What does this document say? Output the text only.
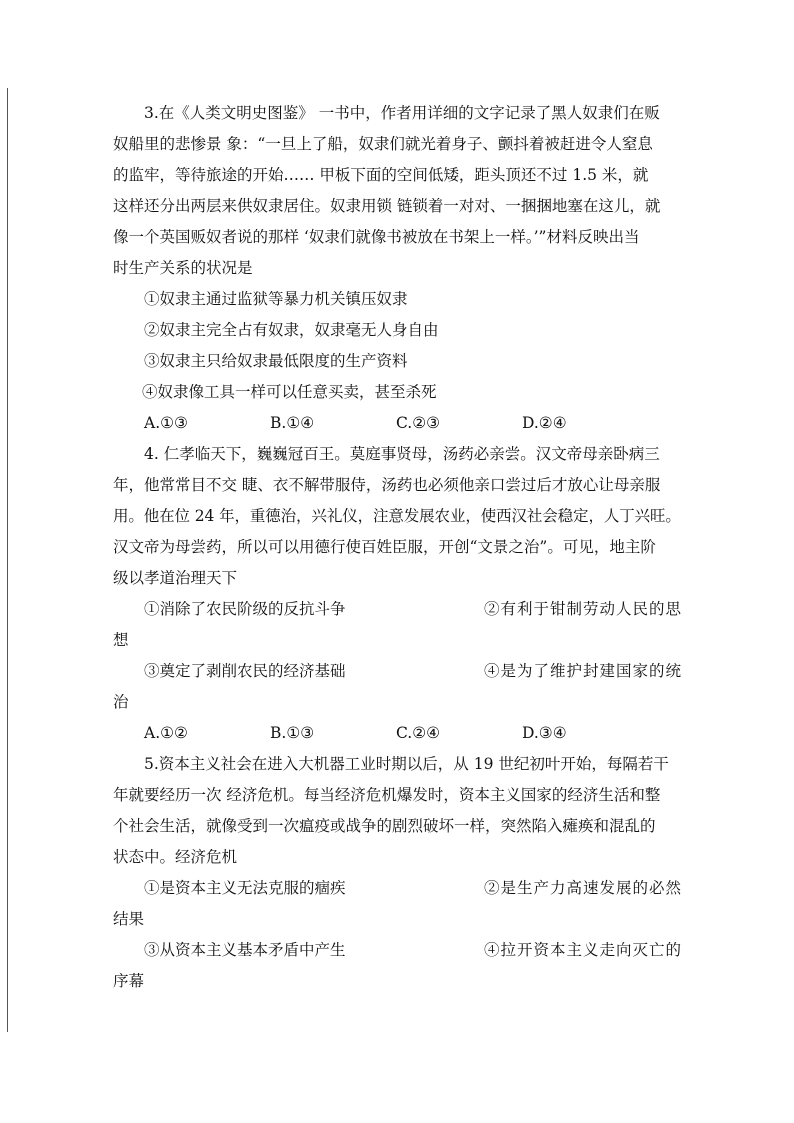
3.在《人类文明史图鉴》 一书中，作者用详细的文字记录了黑人奴隶们在贩
奴船里的悲惨景 象：“一旦上了船，奴隶们就光着身子、颤抖着被赶进令人窒息
的监牢，等待旅途的开始…… 甲板下面的空间低矮，距头顶还不过 1.5 米，就
这样还分出两层来供奴隶居住。奴隶用锁 链锁着一对对、一捆捆地塞在这儿，就
像一个英国贩奴者说的那样 ‘奴隶们就像书被放在书架上一样。’”材料反映出当
时生产关系的状况是

①奴隶主通过监狱等暴力机关镇压奴隶

②奴隶主完全占有奴隶，奴隶毫无人身自由

③奴隶主只给奴隶最低限度的生产资料

④奴隶像工具一样可以任意买卖，甚至杀死

A.①③	B.①④	C.②③	D.②④

4. 仁孝临天下，巍巍冠百王。莫庭事贤母，汤药必亲尝。汉文帝母亲卧病三
年，他常常目不交 睫、衣不解带服侍，汤药也必须他亲口尝过后才放心让母亲服
用。他在位 24 年，重德治，兴礼仪，注意发展农业，使西汉社会稳定，人丁兴旺。
汉文帝为母尝药，所以可以用德行使百姓臣服，开创“文景之治”。可见，地主阶
级以孝道治理天下

①消除了农民阶级的反抗斗争	②有利于钳制劳动人民的思

想

③奠定了剥削农民的经济基础	④是为了维护封建国家的统

治

A.①②	B.①③	C.②④	D.③④

5.资本主义社会在进入大机器工业时期以后，从 19 世纪初叶开始，每隔若干
年就要经历一次 经济危机。每当经济危机爆发时，资本主义国家的经济生活和整
个社会生活，就像受到一次瘟疫或战争的剧烈破坏一样，突然陷入瘫痪和混乱的
状态中。经济危机

①是资本主义无法克服的痼疾	②是生产力高速发展的必然

结果

③从资本主义基本矛盾中产生	④拉开资本主义走向灭亡的

序幕
